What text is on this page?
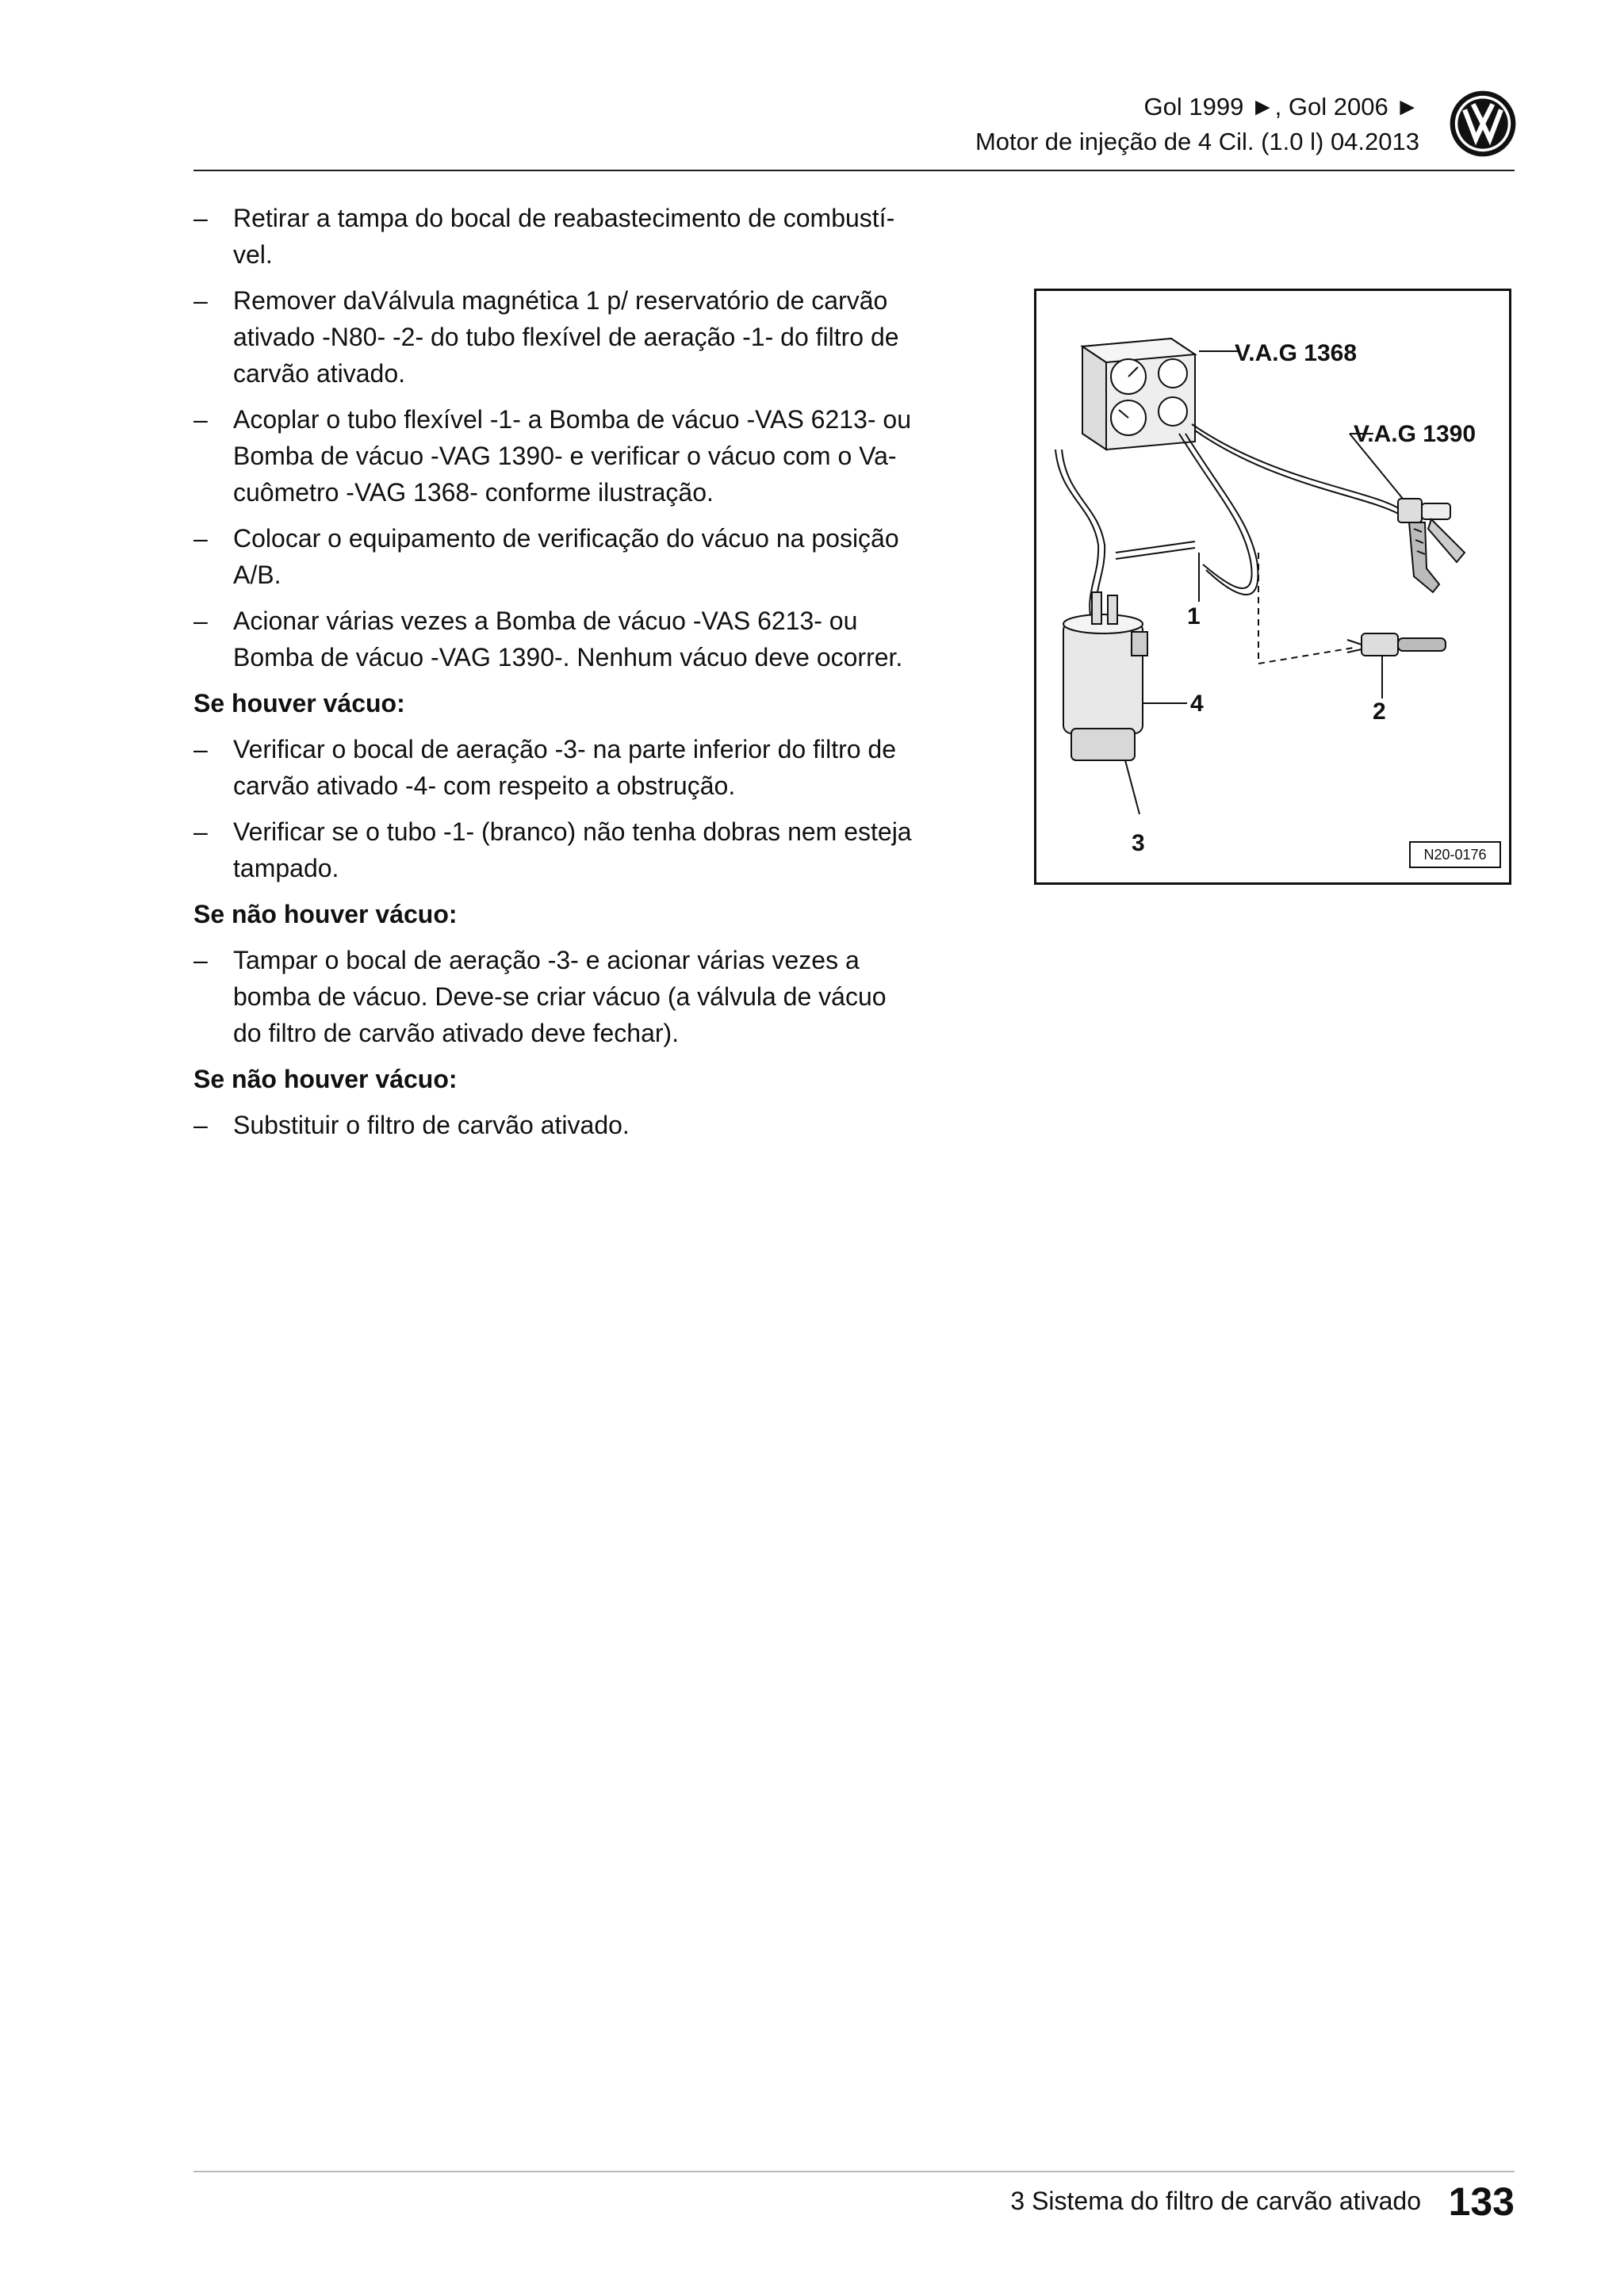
Gol 1999 ►, Gol 2006 ►
Motor de injeção de 4 Cil. (1.0 l) 04.2013
–	Retirar a tampa do bocal de reabastecimento de combustí-
vel.
–	Remover daVálvula magnética 1 p/ reservatório de carvão
ativado -N80- -2- do tubo flexível de aeração -1- do filtro de
carvão ativado.
–	Acoplar o tubo flexível -1- a Bomba de vácuo -VAS 6213- ou
Bomba de vácuo -VAG 1390- e verificar o vácuo com o Va-
cuômetro -VAG 1368- conforme ilustração.
–	Colocar o equipamento de verificação do vácuo na posição
A/B.
–	Acionar várias vezes a Bomba de vácuo -VAS 6213- ou
Bomba de vácuo -VAG 1390-. Nenhum vácuo deve ocorrer.
Se houver vácuo:
–	Verificar o bocal de aeração -3- na parte inferior do filtro de
carvão ativado -4- com respeito a obstrução.
–	Verificar se o tubo -1- (branco) não tenha dobras nem esteja
tampado.
Se não houver vácuo:
–	Tampar o bocal de aeração -3- e acionar várias vezes a
bomba de vácuo. Deve-se criar vácuo (a válvula de vácuo
do filtro de carvão ativado deve fechar).
Se não houver vácuo:
–	Substituir o filtro de carvão ativado.
V.A.G 1368
V.A.G 1390
1
2
4
3	N20-0176
3 Sistema do filtro de carvão ativado 133
